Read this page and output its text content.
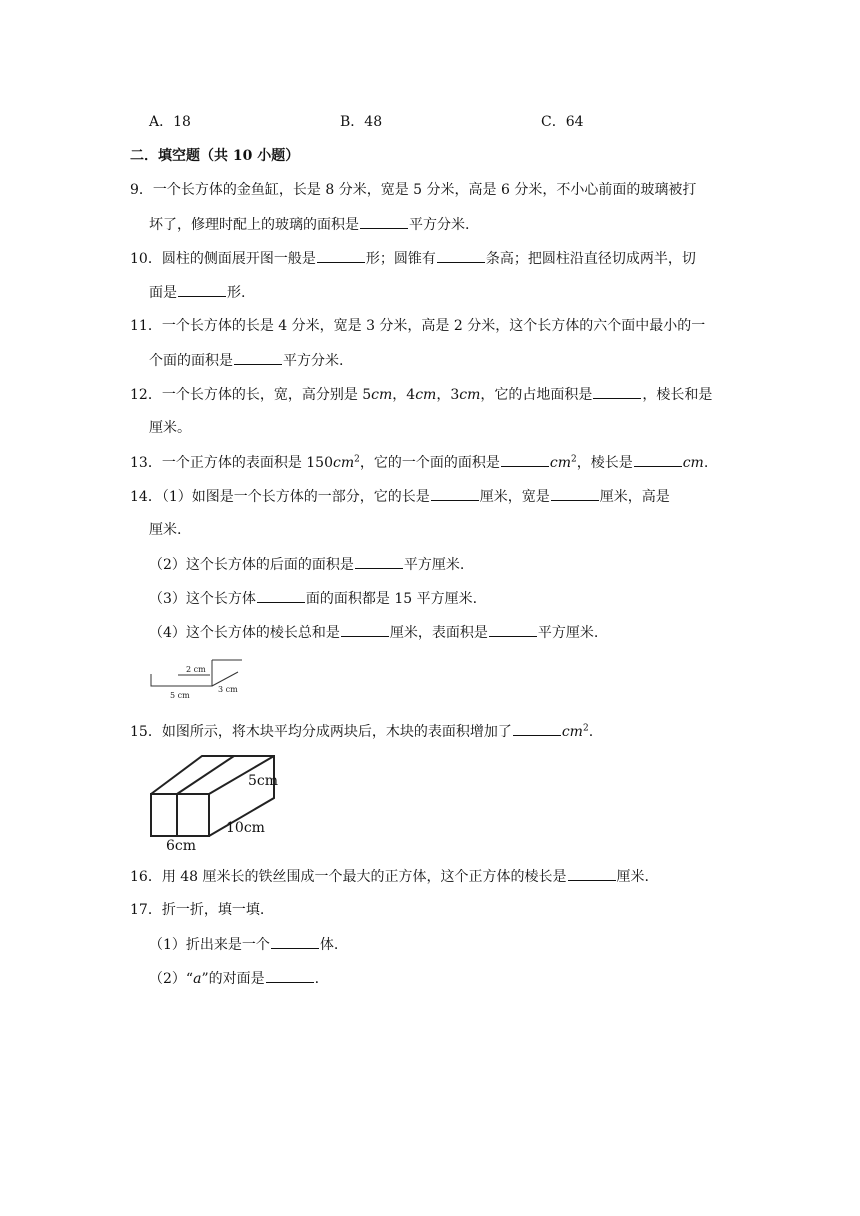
A．18	B．48	C．64
二．填空题（共 10 小题）
9．一个长方体的金鱼缸，长是 8 分米，宽是 5 分米，高是 6 分米，不小心前面的玻璃被打
坏了，修理时配上的玻璃的面积是	平方分米.
10．圆柱的侧面展开图一般是	形；圆锥有	条高；把圆柱沿直径切成两半，切
面是	形.
11．一个长方体的长是 4 分米，宽是 3 分米，高是 2 分米，这个长方体的六个面中最小的一
个面的面积是	平方分米.
12．一个长方体的长，宽，高分别是 5cm，4cm，3cm，它的占地面积是	，棱长和是
厘米。
13．一个正方体的表面积是 $150cm^2$，它的一个面的面积是	$cm^2$，棱长是	cm.
14．（1）如图是一个长方体的一部分，它的长是	厘米，宽是	厘米，高是
厘米.
（2）这个长方体的后面的面积是	平方厘米.
（3）这个长方体	面的面积都是 15 平方厘米.
（4）这个长方体的棱长总和是	厘米，表面积是	平方厘米.
2 cm
5 cm
3 cm
15．如图所示，将木块平均分成两块后，木块的表面积增加了	$cm^2$.
5cm
10cm
6cm
16．用 48 厘米长的铁丝围成一个最大的正方体，这个正方体的棱长是	厘米.
17．折一折，填一填.
（1）折出来是一个	体.
（2）“a”的对面是	.
